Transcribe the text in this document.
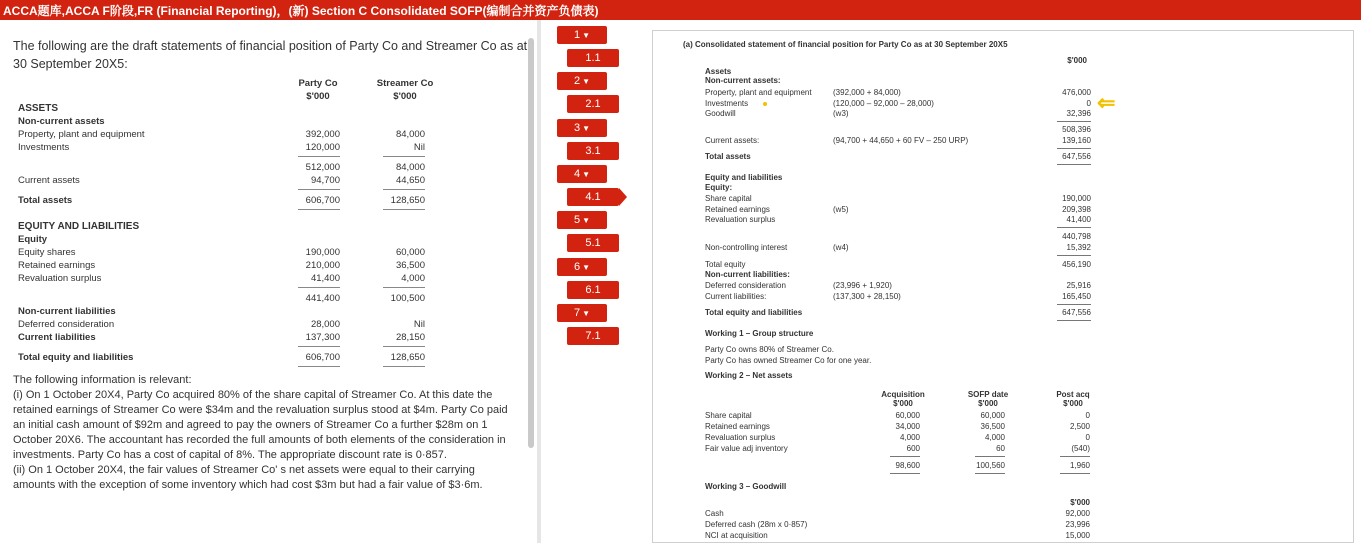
ACCA题库,ACCA F阶段,FR (Financial Reporting)，(新) Section C Consolidated SOFP(编制合并资产负债表)
The following are the draft statements of financial position of Party Co and Streamer Co as at 30 September 20X5:
Party Co	Streamer Co
$'000	$'000
ASSETS
Non-current assets
Property, plant and equipment	392,000	84,000
Investments	120,000	Nil
512,000	84,000
Current assets	94,700	44,650
Total assets	606,700	128,650
EQUITY AND LIABILITIES
Equity
Equity shares	190,000	60,000
Retained earnings	210,000	36,500
Revaluation surplus	41,400	4,000
441,400	100,500
Non-current liabilities
Deferred consideration	28,000	Nil
Current liabilities	137,300	28,150
Total equity and liabilities	606,700	128,650
The following information is relevant:
(i) On 1 October 20X4, Party Co acquired 80% of the share capital of Streamer Co. At this date the retained earnings of Streamer Co were $34m and the revaluation surplus stood at $4m. Party Co paid an initial cash amount of $92m and agreed to pay the owners of Streamer Co a further $28m on 1 October 20X6. The accountant has recorded the full amounts of both elements of the consideration in investments. Party Co has a cost of capital of 8%. The appropriate discount rate is 0·857.
(ii) On 1 October 20X4, the fair values of Streamer Co' s net assets were equal to their carrying amounts with the exception of some inventory which had cost $3m but had a fair value of $3·6m.
1 ▼
1.1
2 ▼
2.1
3 ▼
3.1
4 ▼
4.1
5 ▼
5.1
6 ▼
6.1
7 ▼
7.1
(a) Consolidated statement of financial position for Party Co as at 30 September 20X5
$'000
Assets
Non-current assets:
Property, plant and equipment	(392,000 + 84,000)	476,000
Investments	(120,000 – 92,000 – 28,000)	0 ⇐
Goodwill	(w3)	32,396
508,396
Current assets:	(94,700 + 44,650 + 60 FV – 250 URP)	139,160
Total assets	647,556
Equity and liabilities
Equity:
Share capital	190,000
Retained earnings	(w5)	209,398
Revaluation surplus	41,400
440,798
Non-controlling interest	(w4)	15,392
Total equity	456,190
Non-current liabilities:
Deferred consideration	(23,996 + 1,920)	25,916
Current liabilities:	(137,300 + 28,150)	165,450
Total equity and liabilities	647,556
Working 1 – Group structure
Party Co owns 80% of Streamer Co.
Party Co has owned Streamer Co for one year.
Working 2 – Net assets
Acquisition	SOFP date	Post acq
$'000	$'000	$'000
Share capital	60,000	60,000	0
Retained earnings	34,000	36,500	2,500
Revaluation surplus	4,000	4,000	0
Fair value adj inventory	600	60	(540)
98,600	100,560	1,960
Working 3 – Goodwill
$'000
Cash	92,000
Deferred cash (28m x 0·857)	23,996
NCI at acquisition	15,000
